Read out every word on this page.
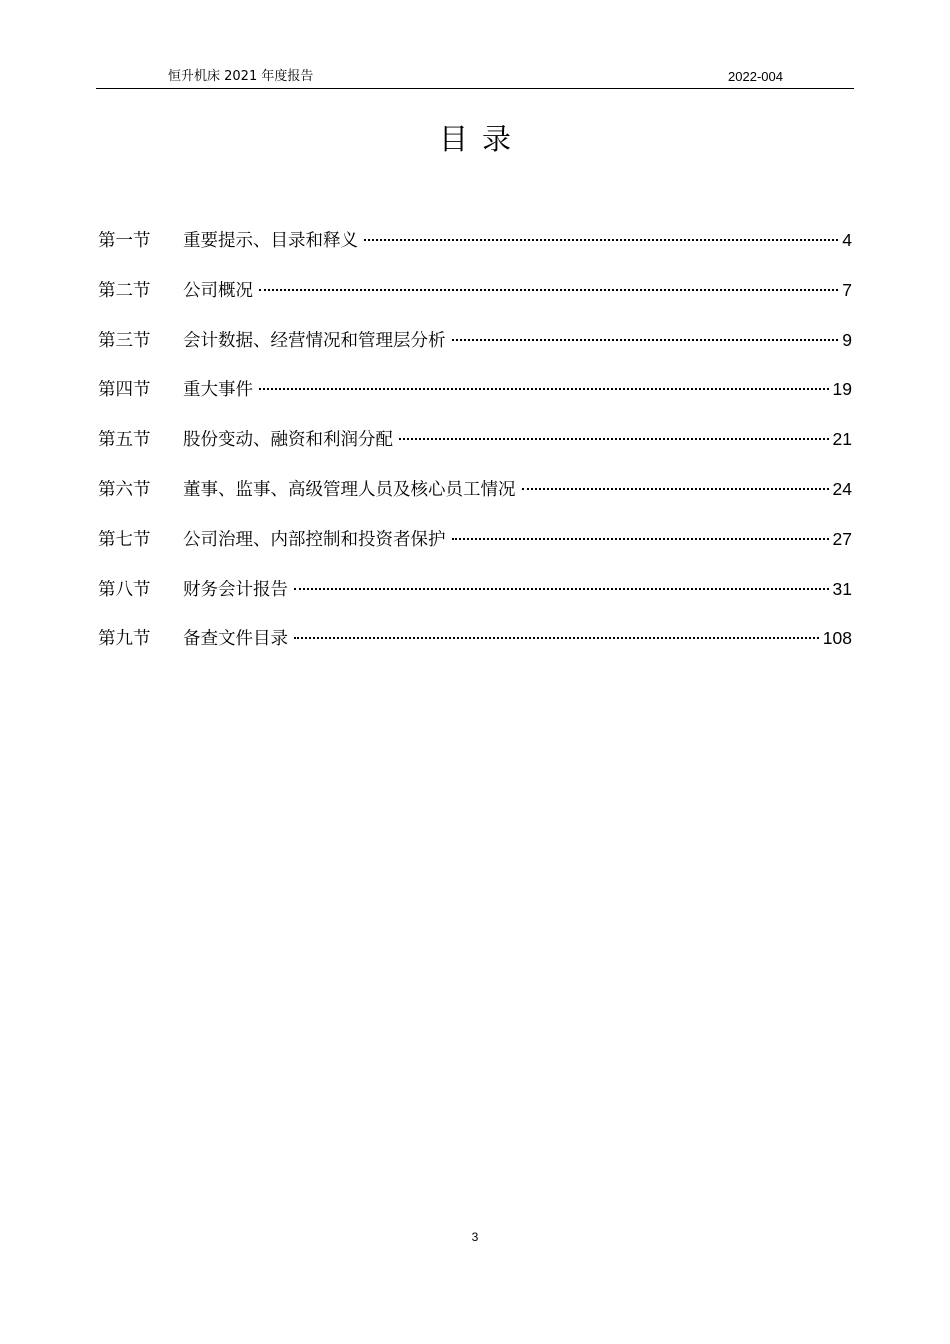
恒升机床 2021 年度报告	2022-004
目录
第一节	重要提示、目录和释义	4
第二节	公司概况	7
第三节	会计数据、经营情况和管理层分析	9
第四节	重大事件	19
第五节	股份变动、融资和利润分配	21
第六节	董事、监事、高级管理人员及核心员工情况	24
第七节	公司治理、内部控制和投资者保护	27
第八节	财务会计报告	31
第九节	备查文件目录	108
3
